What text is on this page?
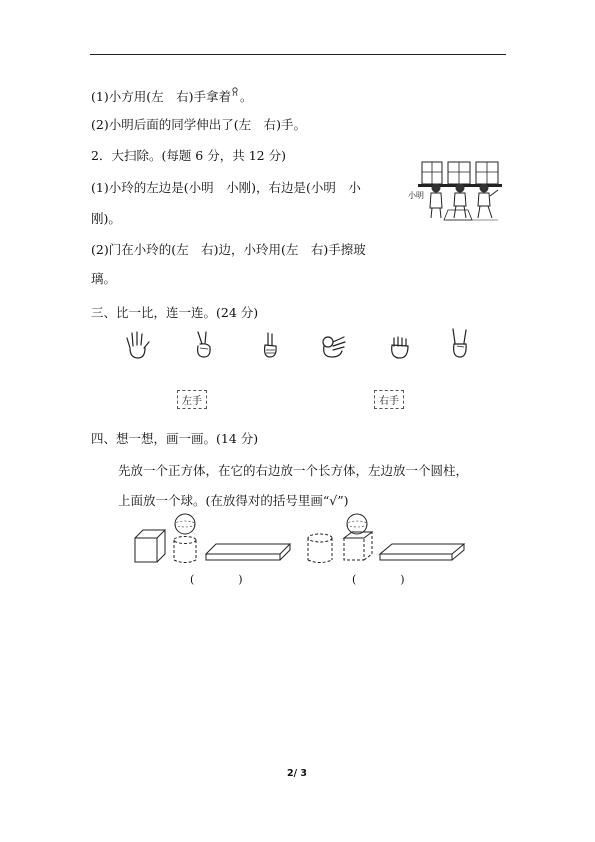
(1)小方用(左　右)手拿着 。
(2)小明后面的同学伸出了(左　右)手。
2．大扫除。(每题 6 分，共 12 分)
(1)小玲的左边是(小明　小刚)，右边是(小明　小
刚)。
(2)门在小玲的(左　右)边，小玲用(左　右)手擦玻
璃。
小明
三、比一比，连一连。(24 分)
左手	右手
四、想一想，画一画。(14 分)
先放一个正方体，在它的右边放一个长方体，左边放一个圆柱，
上面放一个球。(在放得对的括号里画“√”)
(　　　　)	(　　　　)
2/ 3
